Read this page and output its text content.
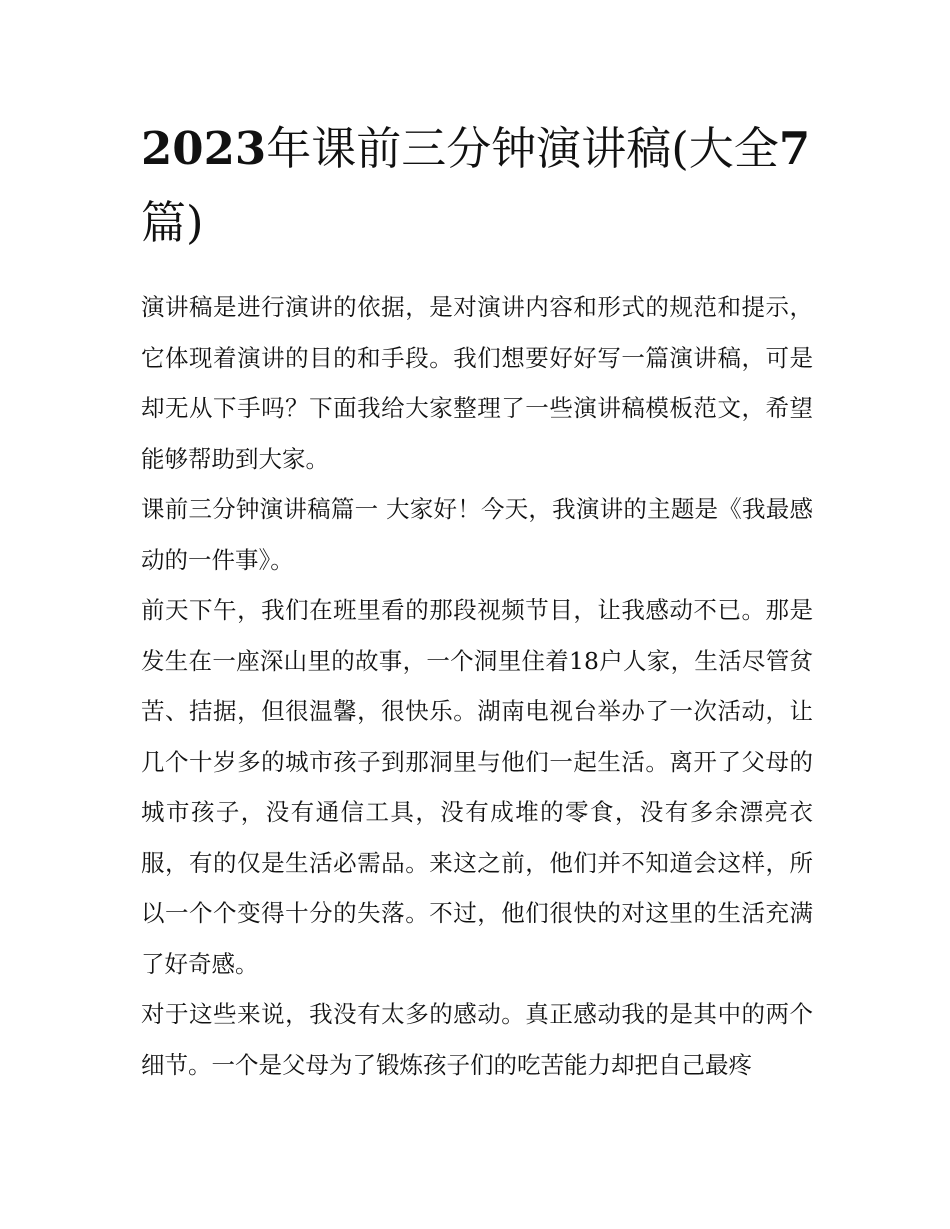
2023年课前三分钟演讲稿(大全7篇)

演讲稿是进行演讲的依据，是对演讲内容和形式的规范和提示，它体现着演讲的目的和手段。我们想要好好写一篇演讲稿，可是却无从下手吗？下面我给大家整理了一些演讲稿模板范文，希望能够帮助到大家。

课前三分钟演讲稿篇一 大家好！今天，我演讲的主题是《我最感动的一件事》。

前天下午，我们在班里看的那段视频节目，让我感动不已。那是发生在一座深山里的故事，一个洞里住着18户人家，生活尽管贫苦、拮据，但很温馨，很快乐。湖南电视台举办了一次活动，让几个十岁多的城市孩子到那洞里与他们一起生活。离开了父母的城市孩子，没有通信工具，没有成堆的零食，没有多余漂亮衣服，有的仅是生活必需品。来这之前，他们并不知道会这样，所以一个个变得十分的失落。不过，他们很快的对这里的生活充满了好奇感。

对于这些来说，我没有太多的感动。真正感动我的是其中的两个细节。一个是父母为了锻炼孩子们的吃苦能力却把自己最疼
